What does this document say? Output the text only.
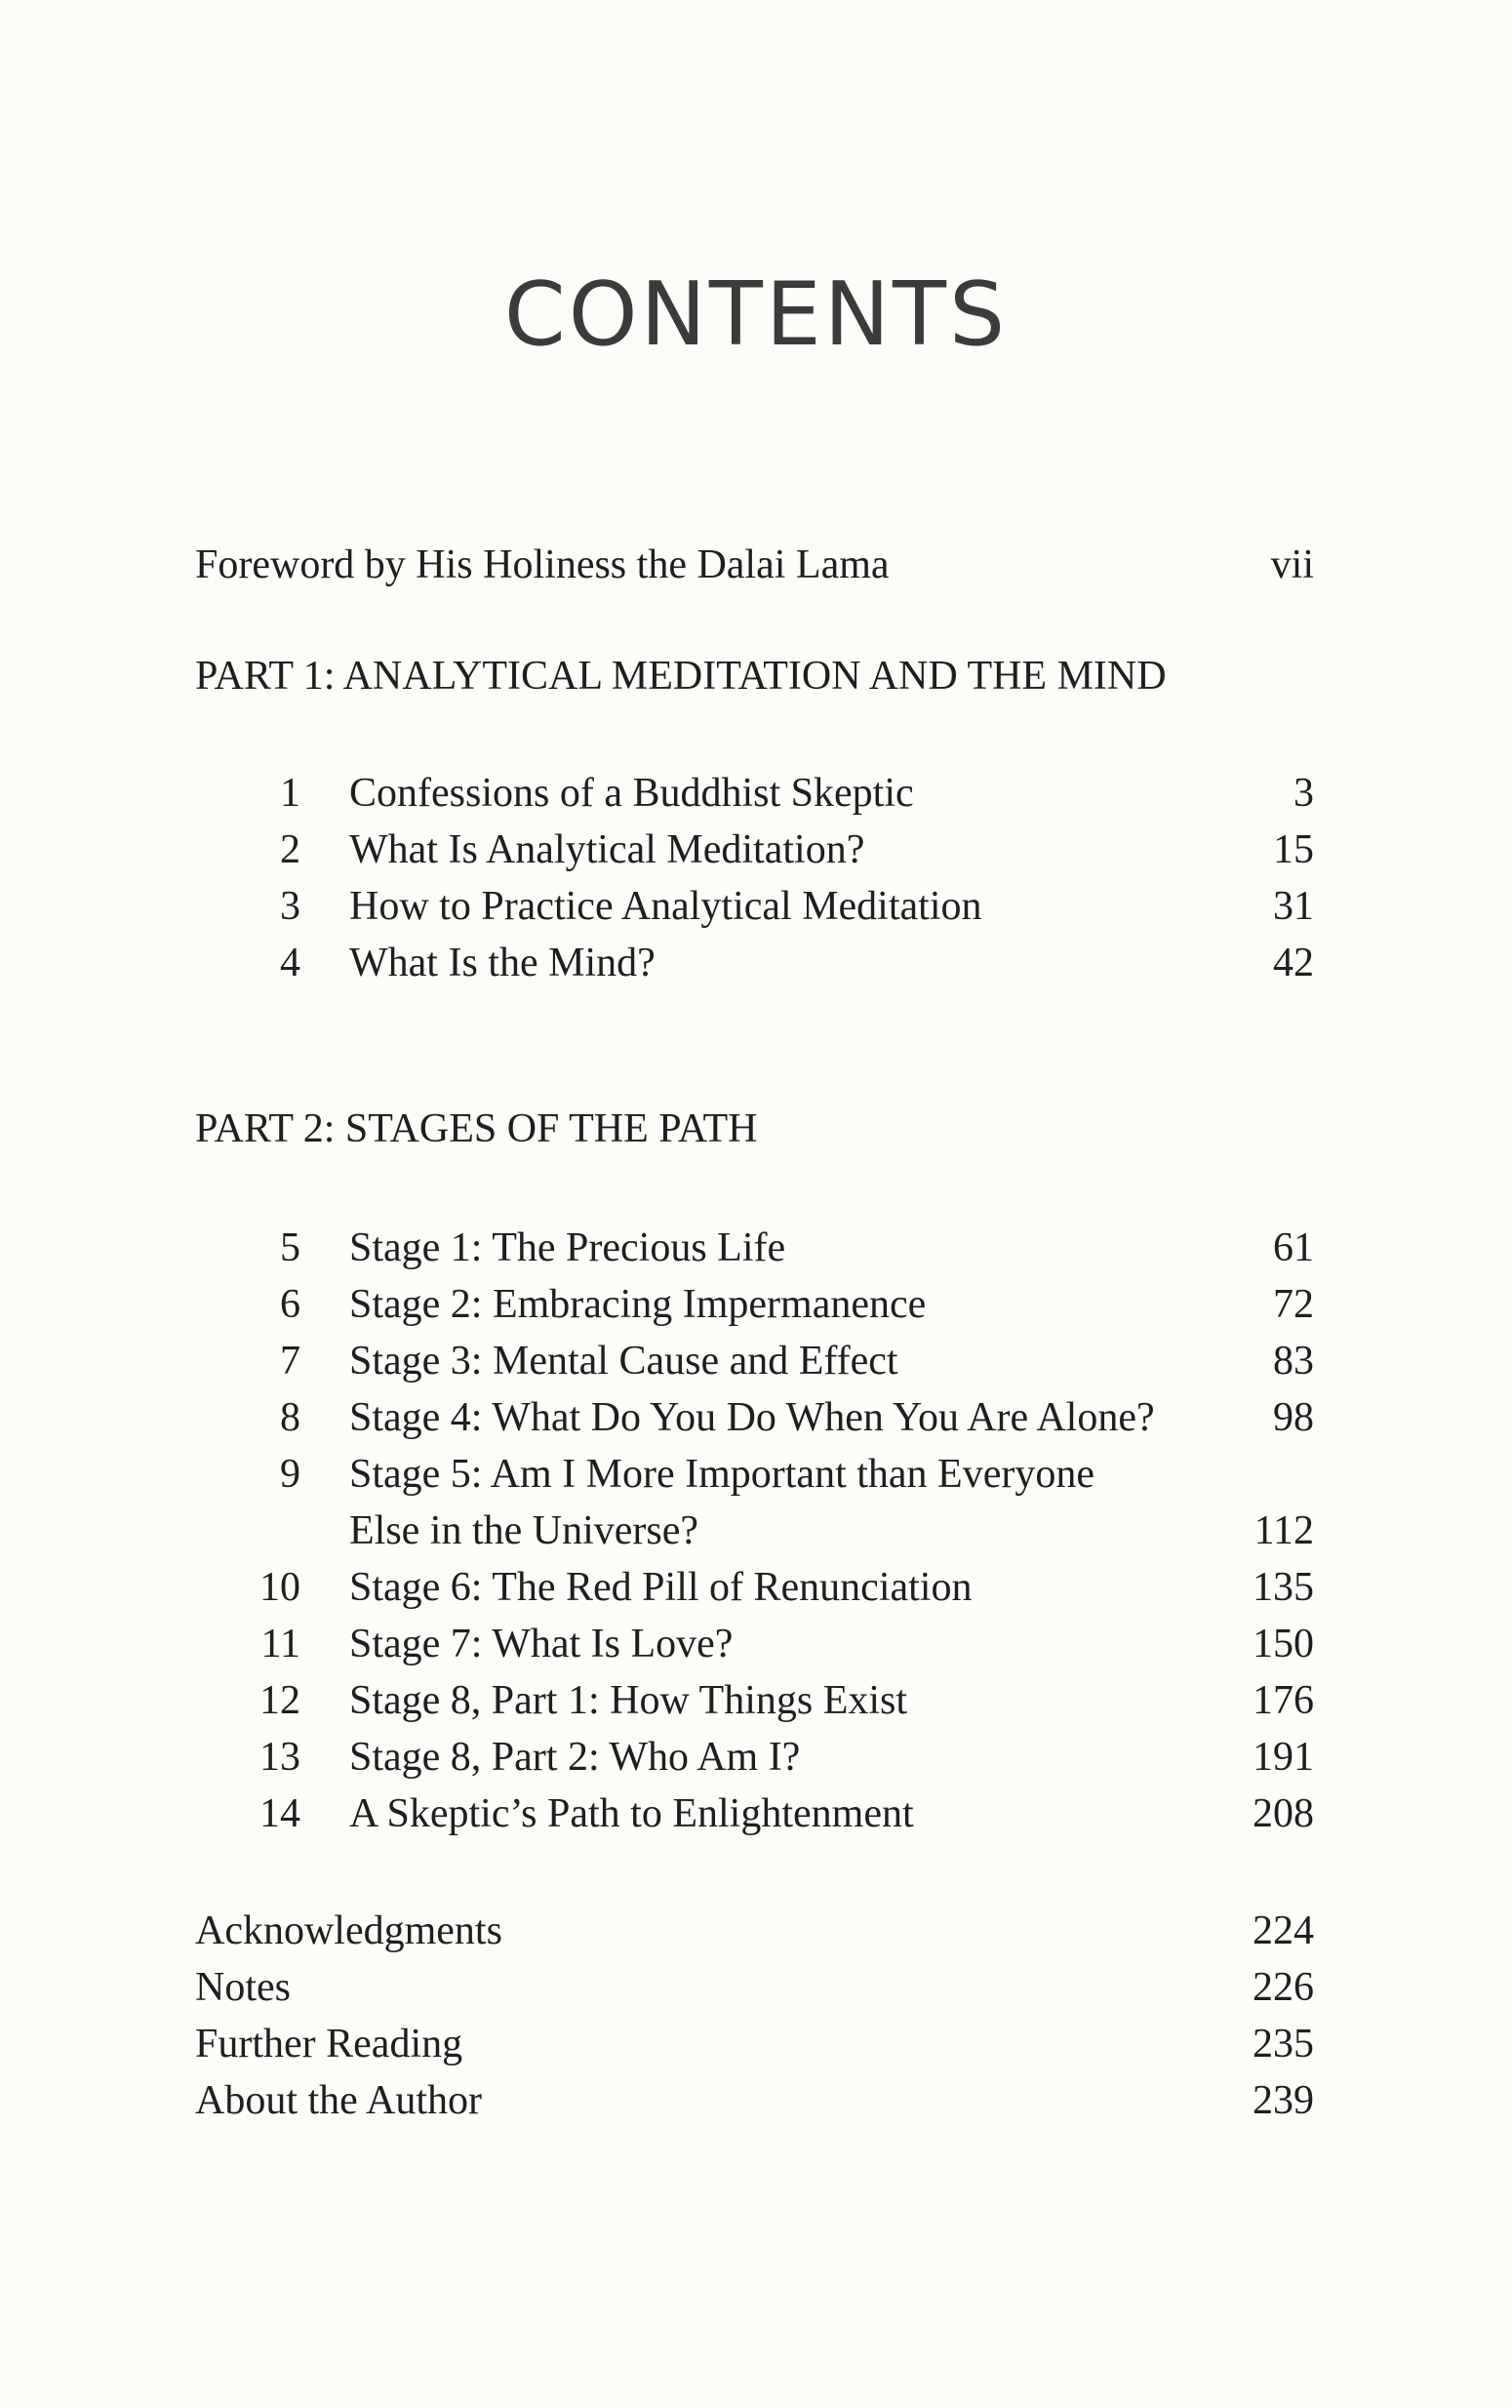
CONTENTS
Foreword by His Holiness the Dalai Lama	vii
PART 1: ANALYTICAL MEDITATION AND THE MIND
1 Confessions of a Buddhist Skeptic	3
2 What Is Analytical Meditation?	15
3 How to Practice Analytical Meditation	31
4 What Is the Mind?	42
PART 2: STAGES OF THE PATH
5 Stage 1: The Precious Life	61
6 Stage 2: Embracing Impermanence	72
7 Stage 3: Mental Cause and Effect	83
8 Stage 4: What Do You Do When You Are Alone?	98
9 Stage 5: Am I More Important than Everyone
Else in the Universe?	112
10 Stage 6: The Red Pill of Renunciation	135
11 Stage 7: What Is Love?	150
12 Stage 8, Part 1: How Things Exist	176
13 Stage 8, Part 2: Who Am I?	191
14 A Skeptic’s Path to Enlightenment	208
Acknowledgments	224
Notes	226
Further Reading	235
About the Author	239
